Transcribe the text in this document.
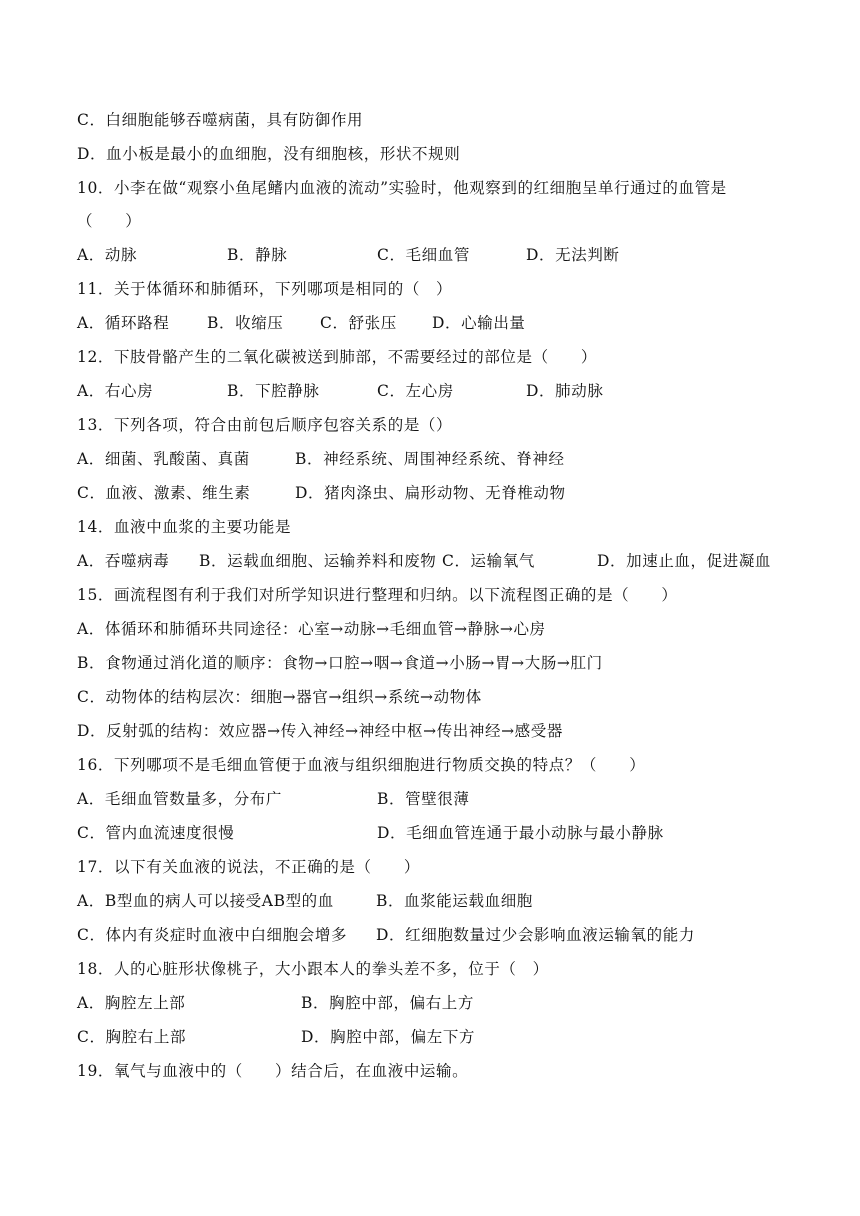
C．白细胞能够吞噬病菌，具有防御作用
D．血小板是最小的血细胞，没有细胞核，形状不规则
10．小李在做“观察小鱼尾鳍内血液的流动”实验时，他观察到的红细胞呈单行通过的血管是
（　　）

A．动脉

	B．静脉

	C．毛细血管

	D．无法判断

11．关于体循环和肺循环，下列哪项是相同的（　）

A．循环路程

B．收缩压

C．舒张压

D．心输出量

12．下肢骨骼产生的二氧化碳被送到肺部，不需要经过的部位是（　　）

A．右心房

	B．下腔静脉

	C．左心房

	D．肺动脉

13．下列各项，符合由前包后顺序包容关系的是（）

A．细菌、乳酸菌、真菌

	B．神经系统、周围神经系统、脊神经

C．血液、激素、维生素

	D．猪肉涤虫、扁形动物、无脊椎动物

14．血液中血浆的主要功能是

A．吞噬病毒

B．运载血细胞、运输养料和废物

C．运输氧气

	D．加速止血，促进凝血

15．画流程图有利于我们对所学知识进行整理和归纳。以下流程图正确的是（　　）
A．体循环和肺循环共同途径：心室→动脉→毛细血管→静脉→心房
B．食物通过消化道的顺序：食物→口腔→咽→食道→小肠→胃→大肠→肛门
C．动物体的结构层次：细胞→器官→组织→系统→动物体
D．反射弧的结构：效应器→传入神经→神经中枢→传出神经→感受器
16．下列哪项不是毛细血管便于血液与组织细胞进行物质交换的特点？（　　）

A．毛细血管数量多，分布广

	B．管壁很薄

C．管内血流速度很慢

	D．毛细血管连通于最小动脉与最小静脉

17．以下有关血液的说法，不正确的是（　　）

A．B型血的病人可以接受AB型的血

	B．血浆能运载血细胞

C．体内有炎症时血液中白细胞会增多

D．红细胞数量过少会影响血液运输氧的能力

18．人的心脏形状像桃子，大小跟本人的拳头差不多，位于（　）

A．胸腔左上部

	B．胸腔中部，偏右上方

C．胸腔右上部

	D．胸腔中部，偏左下方

19．氧气与血液中的（　　）结合后，在血液中运输。
